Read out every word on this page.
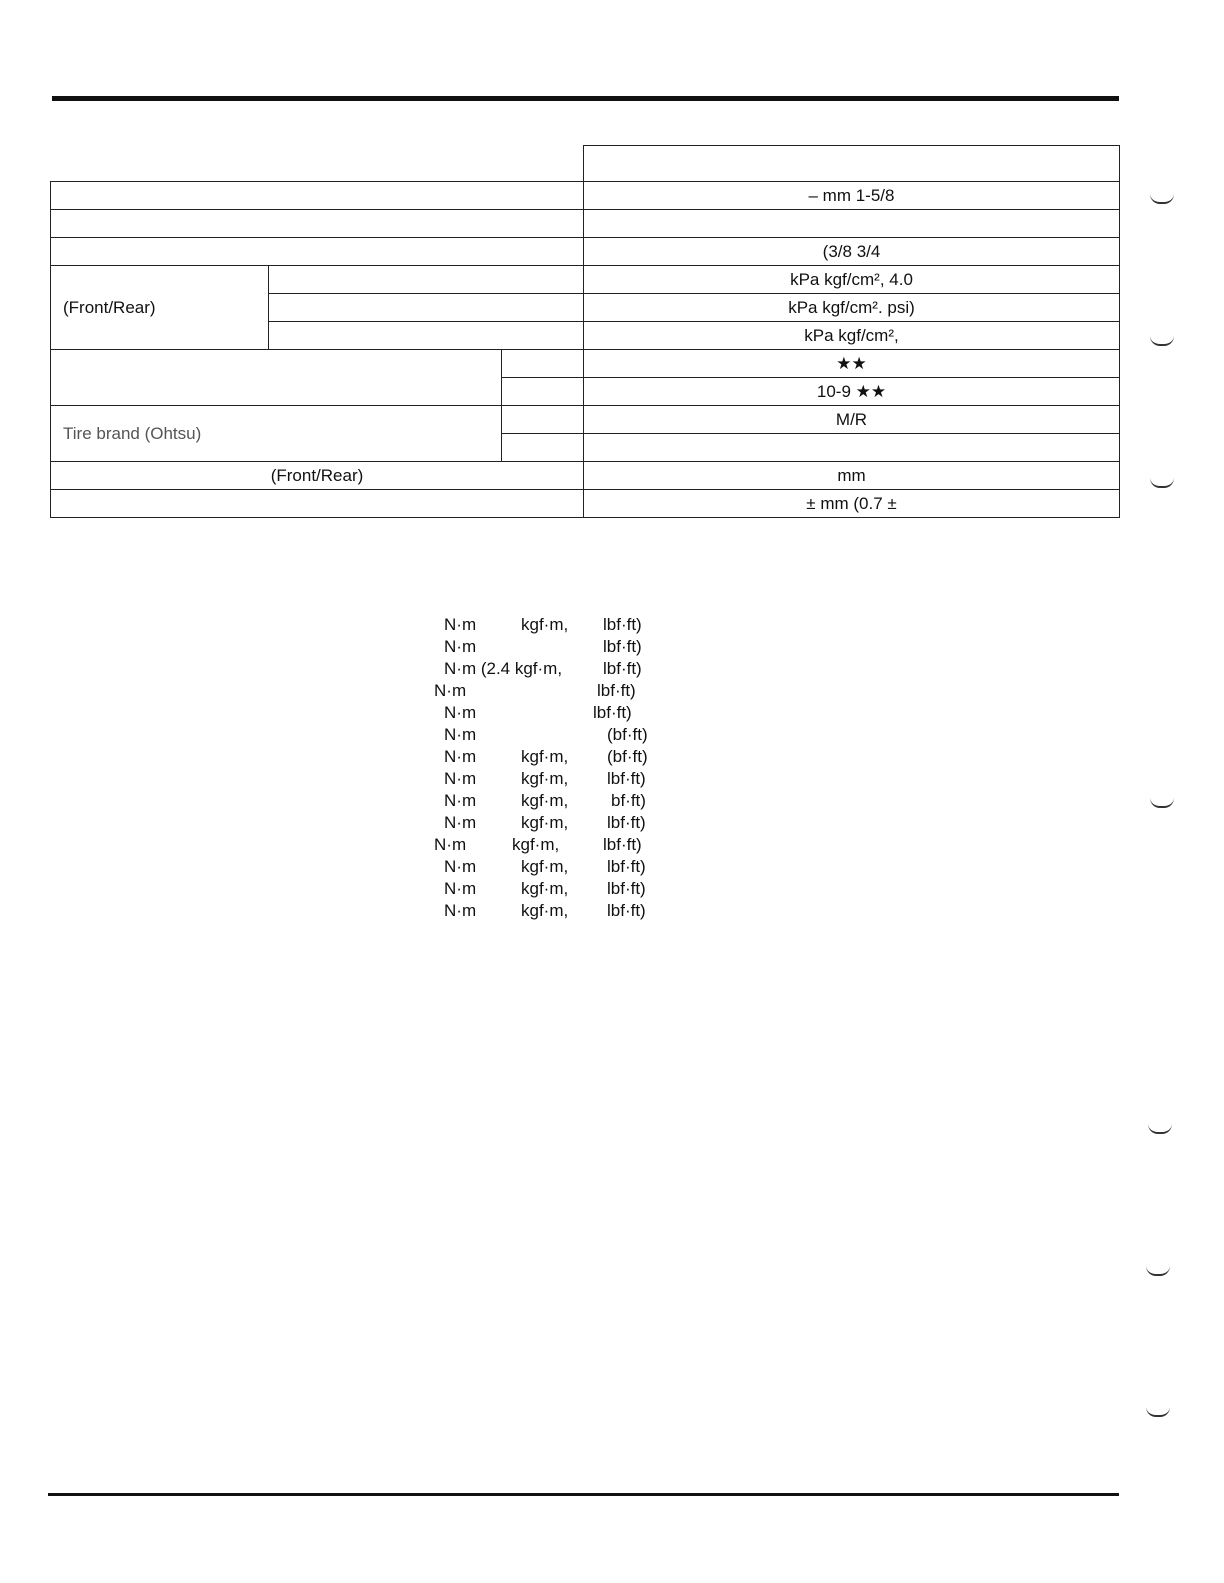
			– mm 1-5/8

			(3/8 3/4
(Front/Rear)			kPa kgf/cm², 4.0
			kPa kgf/cm². psi)
			kPa kgf/cm²,
			★★
			10-9 ★★
Tire brand (Ohtsu)			M/R

(Front/Rear)			mm
			± mm (0.7 ±
N·m	kgf·m, lbf·ft)
N·m	lbf·ft)
N·m (2.4 kgf·m, lbf·ft)
N·m	lbf·ft)
N·m	lbf·ft)
N·m	(bf·ft)
N·m	kgf·m, (bf·ft)
N·m	kgf·m, lbf·ft)
N·m	kgf·m,	bf·ft)
N·m	kgf·m, lbf·ft)
N·m	kgf·m,	lbf·ft)
N·m	kgf·m, lbf·ft)
N·m	kgf·m, lbf·ft)
N·m	kgf·m, lbf·ft)
